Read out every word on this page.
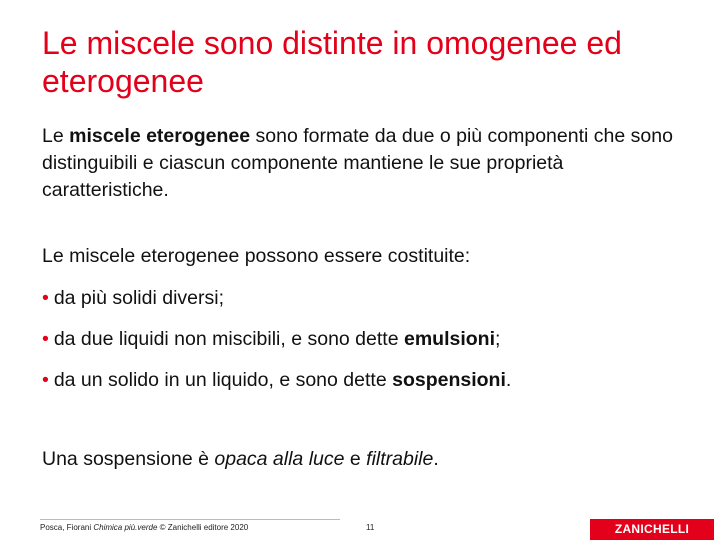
Le miscele sono distinte in omogenee ed eterogenee

Le miscele eterogenee sono formate da due o più componenti che sono distinguibili e ciascun componente mantiene le sue proprietà caratteristiche.

Le miscele eterogenee possono essere costituite:

• da più solidi diversi;

• da due liquidi non miscibili, e sono dette emulsioni;

• da un solido in un liquido, e sono dette sospensioni.

Una sospensione è opaca alla luce e filtrabile.

Posca, Fiorani Chimica più.verde © Zanichelli editore 2020	11	ZANICHELLI
